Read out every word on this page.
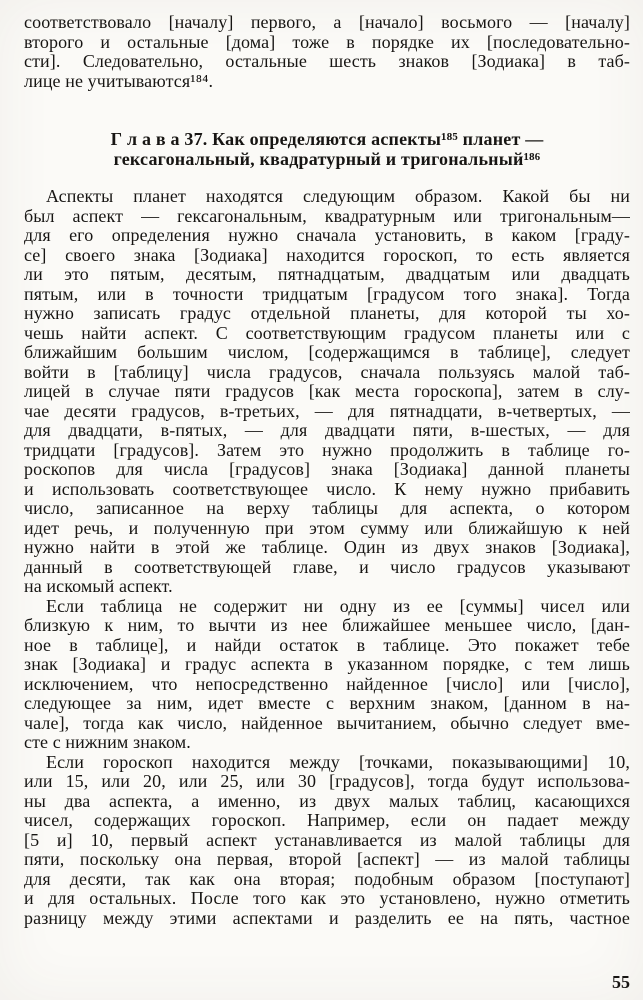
соответствовало [началу] первого, а [начало] восьмого — [началу]
второго и остальные [дома] тоже в порядке их [последовательно-
сти]. Следовательно, остальные шесть знаков [Зодиака] в таб-
лице не учитываются¹⁸⁴.
Г л а в а 37. Как определяются аспекты¹⁸⁵ планет —
гексагональный, квадратурный и тригональный¹⁸⁶
Аспекты планет находятся следующим образом. Какой бы ни
был аспект — гексагональным, квадратурным или тригональным—
для его определения нужно сначала установить, в каком [граду-
се] своего знака [Зодиака] находится гороскоп, то есть является
ли это пятым, десятым, пятнадцатым, двадцатым или двадцать
пятым, или в точности тридцатым [градусом того знака]. Тогда
нужно записать градус отдельной планеты, для которой ты хо-
чешь найти аспект. С соответствующим градусом планеты или с
ближайшим большим числом, [содержащимся в таблице], следует
войти в [таблицу] числа градусов, сначала пользуясь малой таб-
лицей в случае пяти градусов [как места гороскопа], затем в слу-
чае десяти градусов, в-третьих, — для пятнадцати, в-четвертых, —
для двадцати, в-пятых, — для двадцати пяти, в-шестых, — для
тридцати [градусов]. Затем это нужно продолжить в таблице го-
роскопов для числа [градусов] знака [Зодиака] данной планеты
и использовать соответствующее число. К нему нужно прибавить
число, записанное на верху таблицы для аспекта, о котором
идет речь, и полученную при этом сумму или ближайшую к ней
нужно найти в этой же таблице. Один из двух знаков [Зодиака],
данный в соответствующей главе, и число градусов указывают
на искомый аспект.
Если таблица не содержит ни одну из ее [суммы] чисел или
близкую к ним, то вычти из нее ближайшее меньшее число, [дан-
ное в таблице], и найди остаток в таблице. Это покажет тебе
знак [Зодиака] и градус аспекта в указанном порядке, с тем лишь
исключением, что непосредственно найденное [число] или [число],
следующее за ним, идет вместе с верхним знаком, [данном в на-
чале], тогда как число, найденное вычитанием, обычно следует вме-
сте с нижним знаком.
Если гороскоп находится между [точками, показывающими] 10,
или 15, или 20, или 25, или 30 [градусов], тогда будут использова-
ны два аспекта, а именно, из двух малых таблиц, касающихся
чисел, содержащих гороскоп. Например, если он падает между
[5 и] 10, первый аспект устанавливается из малой таблицы для
пяти, поскольку она первая, второй [аспект] — из малой таблицы
для десяти, так как она вторая; подобным образом [поступают]
и для остальных. После того как это установлено, нужно отметить
разницу между этими аспектами и разделить ее на пять, частное
55
